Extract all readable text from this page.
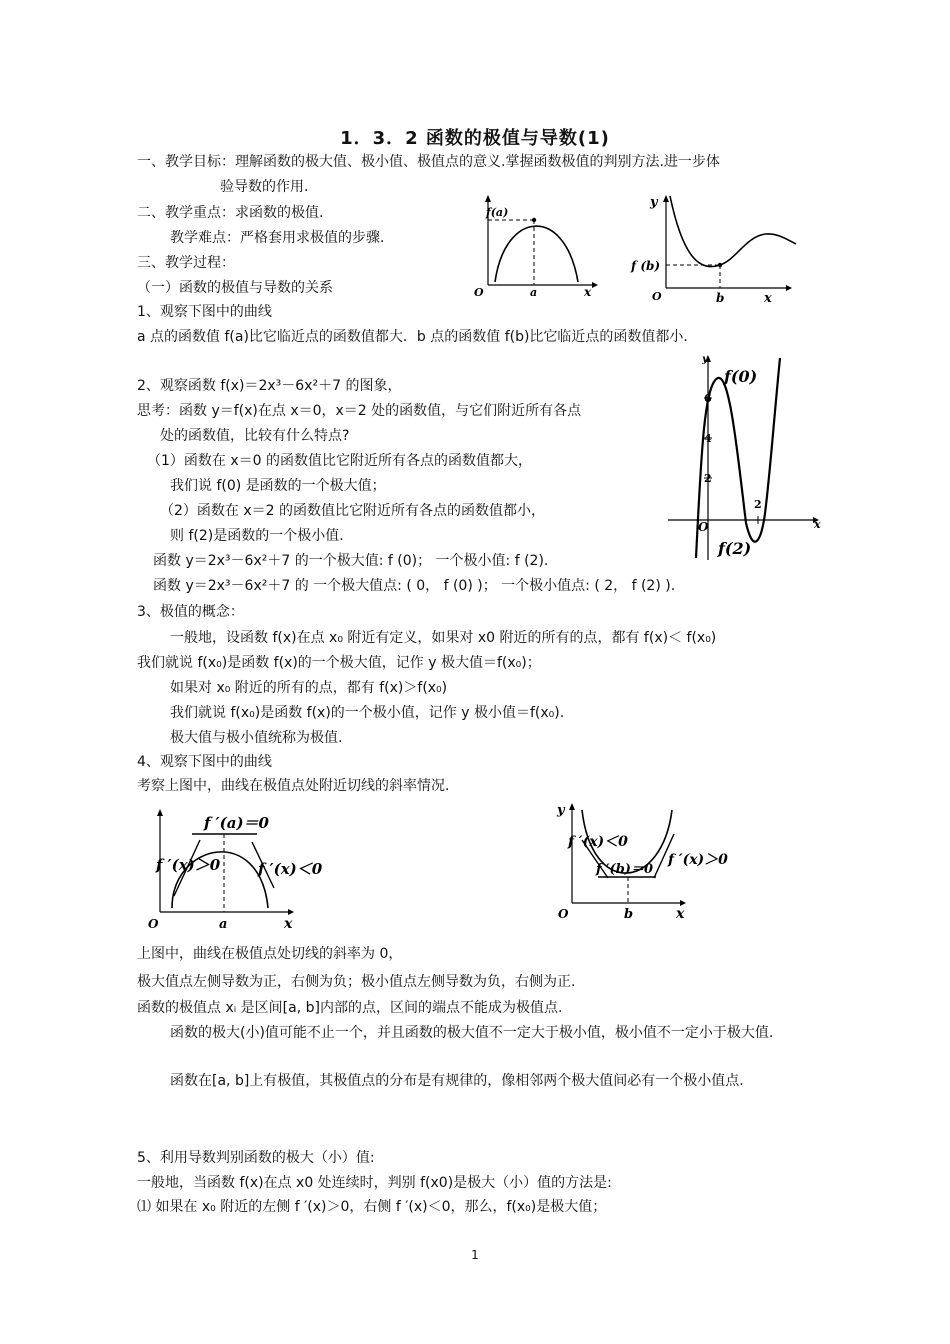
1．3．2 函数的极值与导数(1)
一、教学目标：理解函数的极大值、极小值、极值点的意义.掌握函数极值的判别方法.进一步体
验导数的作用.
二、教学重点：求函数的极值.
教学难点：严格套用求极值的步骤.
三、教学过程：
（一）函数的极值与导数的关系
1、观察下图中的曲线
a 点的函数值 f(a)比它临近点的函数值都大．b 点的函数值 f(b)比它临近点的函数值都小．
2、观察函数 f(x)＝2x³－6x²＋7 的图象，
思考：函数 y＝f(x)在点 x＝0，x＝2 处的函数值，与它们附近所有各点
处的函数值，比较有什么特点?
（1）函数在 x＝0 的函数值比它附近所有各点的函数值都大，
我们说 f(0) 是函数的一个极大值；
（2）函数在 x＝2 的函数值比它附近所有各点的函数值都小，
则 f(2)是函数的一个极小值.
函数 y＝2x³－6x²＋7 的一个极大值: f (0)； 一个极小值: f (2).
函数 y＝2x³－6x²＋7 的 一个极大值点: ( 0， f (0) )； 一个极小值点: ( 2， f (2) ).
3、极值的概念：
一般地，设函数 f(x)在点 x₀ 附近有定义，如果对 x0 附近的所有的点，都有 f(x)＜ f(x₀)
我们就说 f(x₀)是函数 f(x)的一个极大值，记作 y 极大值＝f(x₀)；
如果对 x₀ 附近的所有的点，都有 f(x)＞f(x₀)
我们就说 f(x₀)是函数 f(x)的一个极小值，记作 y 极小值＝f(x₀).
极大值与极小值统称为极值.
4、观察下图中的曲线
考察上图中，曲线在极值点处附近切线的斜率情况.
上图中，曲线在极值点处切线的斜率为 0，
极大值点左侧导数为正，右侧为负；极小值点左侧导数为负，右侧为正.
函数的极值点 xᵢ 是区间[a, b]内部的点，区间的端点不能成为极值点.
函数的极大(小)值可能不止一个，并且函数的极大值不一定大于极小值，极小值不一定小于极大值.
函数在[a, b]上有极值，其极值点的分布是有规律的，像相邻两个极大值间必有一个极小值点.
5、利用导数判别函数的极大（小）值:
一般地，当函数 f(x)在点 x0 处连续时，判别 f(x0)是极大（小）值的方法是:
⑴ 如果在 x₀ 附近的左侧 f ′(x)＞0，右侧 f ′(x)＜0，那么，f(x₀)是极大值；
1
f(a)
O	a	x
y
f (b)
O	b	x
y
x
O
f(0)
f(2)
6
4
2
2
f ′(a)＝0
f ′(x)＞0	f ′(x)＜0
O	a	x
y
f ′(x)＜0
f ′(b)＝0
f ′(x)＞0
O	b	x
